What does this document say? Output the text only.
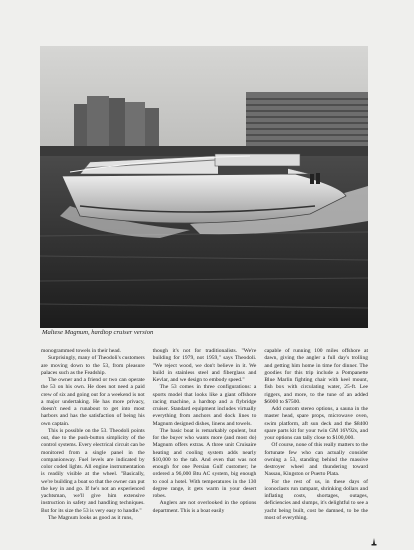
Maltese Magnum, hardtop cruiser version

monogrammed towels in their head.

Surprisingly, many of Theodoli's customers are moving down to the 53, from pleasure palaces such as the Feadship.

The owner and a friend or two can operate the 53 on his own. He does not need a paid crew of six and going out for a weekend is not a major undertaking. He has more privacy, doesn't need a runabout to get into most harbors and has the satisfaction of being his own captain.

This is possible on the 53. Theodoli points out, due to the push-button simplicity of the control systems. Every electrical circuit can be monitored from a single panel in the companionway. Fuel levels are indicated by color coded lights. All engine instrumentation is readily visible at the wheel. "Basically, we're building a boat so that the owner can put the key in and go. If he's not an experienced yachtsman, we'll give him extensive instruction in safety and handling techniques. But for its size the 53 is very easy to handle."

The Magnum looks as good as it runs,

though it's not for traditionalists. "We're building for 1979, not 1959," says Theodoli. "We reject wood, we don't believe in it. We build in stainless steel and fiberglass and Kevlar, and we design to embody speed."

The 53 comes in three configurations: a sports model that looks like a giant offshore racing machine, a hardtop and a flybridge cruiser. Standard equipment includes virtually everything from anchors and dock lines to Magnum designed dishes, linens and towels.

The basic boat is remarkably opulent, but for the buyer who wants more (and most do) Magnum offers extras. A three unit Cruisaire heating and cooling system adds nearly $10,000 to the tab. And even that was not enough for one Persian Gulf customer; he ordered a 96,000 Btu AC system, big enough to cool a hotel. With temperatures in the 130 degree range, it gets warm in your desert robes.

Anglers are not overlooked in the options department. This is a boat easily

capable of running 100 miles offshore at dawn, giving the angler a full day's trolling and getting him home in time for dinner. The goodies for this trip include a Pompanette Blue Marlin fighting chair with keel mount, fish box with circulating water, 25-ft. Lee riggers, and more, to the tune of an added $6000 to $7500.

Add custom stereo options, a sauna in the master head, spare props, microwave oven, swim platform, aft sun deck and the $8400 spare parts kit for your twin GM 16V92s, and your options can tally close to $100,000.

Of course, none of this really matters to the fortunate few who can actually consider owning a 53, standing behind the massive destroyer wheel and thundering toward Nassau, Kingston or Puerto Plata.

For the rest of us, in these days of iconoclasts run rampant, shrinking dollars and inflating costs, shortages, outages, deficiencies and slumps, it's delightful to see a yacht being built, cost be damned, to be the most of everything.
